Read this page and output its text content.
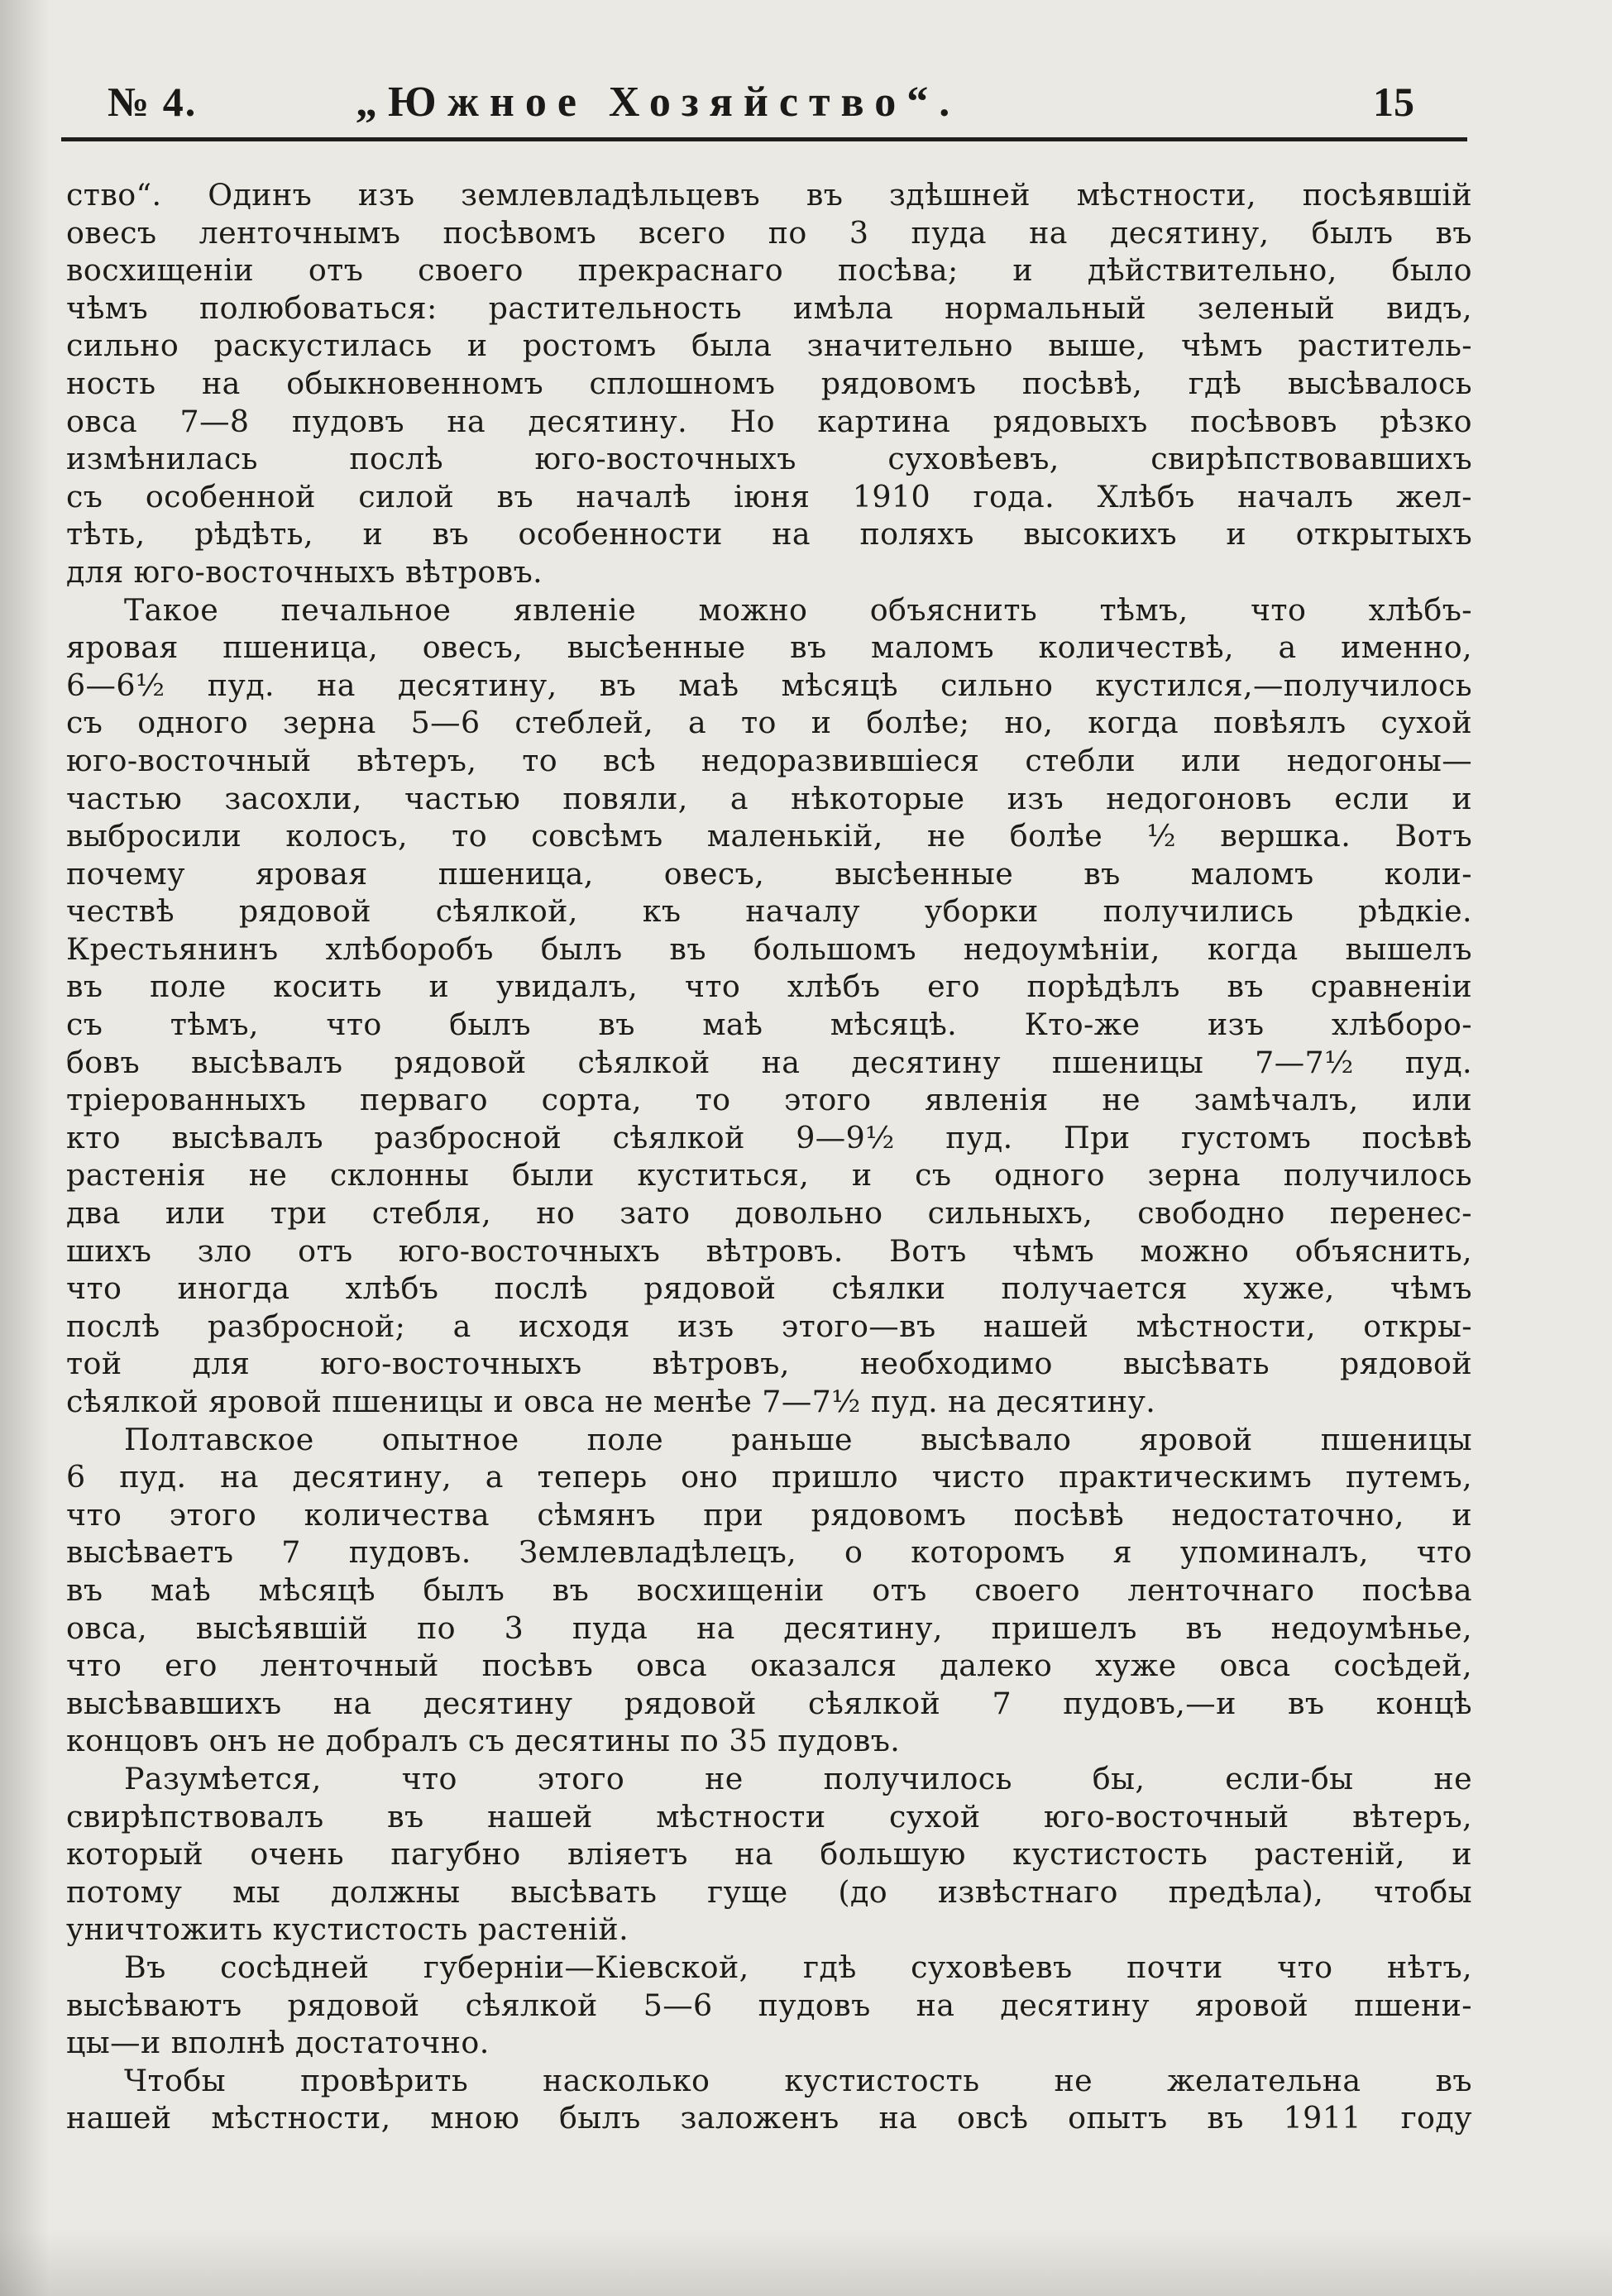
№ 4.	„Южное Хозяйство“.	15
ство“. Одинъ изъ землевладѣльцевъ въ здѣшней мѣстности, посѣявшій
овесъ ленточнымъ посѣвомъ всего по 3 пуда на десятину, былъ въ
восхищеніи отъ своего прекраснаго посѣва; и дѣйствительно, было
чѣмъ полюбоваться: растительность имѣла нормальный зеленый видъ,
сильно раскустилась и ростомъ была значительно выше, чѣмъ раститель-
ность на обыкновенномъ сплошномъ рядовомъ посѣвѣ, гдѣ высѣвалось
овса 7—8 пудовъ на десятину. Но картина рядовыхъ посѣвовъ рѣзко
измѣнилась послѣ юго-восточныхъ суховѣевъ, свирѣпствовавшихъ
съ особенной силой въ началѣ іюня 1910 года. Хлѣбъ началъ жел-
тѣть, рѣдѣть, и въ особенности на поляхъ высокихъ и открытыхъ
для юго-восточныхъ вѣтровъ.
Такое печальное явленіе можно объяснить тѣмъ, что хлѣбъ-
яровая пшеница, овесъ, высѣенные въ маломъ количествѣ, а именно,
6—6½ пуд. на десятину, въ маѣ мѣсяцѣ сильно кустился,—получилось
съ одного зерна 5—6 стеблей, а то и болѣе; но, когда повѣялъ сухой
юго-восточный вѣтеръ, то всѣ недоразвившіеся стебли или недогоны—
частью засохли, частью повяли, а нѣкоторые изъ недогоновъ если и
выбросили колосъ, то совсѣмъ маленькій, не болѣе ½ вершка. Вотъ
почему яровая пшеница, овесъ, высѣенные въ маломъ коли-
чествѣ рядовой сѣялкой, къ началу уборки получились рѣдкіе.
Крестьянинъ хлѣборобъ былъ въ большомъ недоумѣніи, когда вышелъ
въ поле косить и увидалъ, что хлѣбъ его порѣдѣлъ въ сравненіи
съ тѣмъ, что былъ въ маѣ мѣсяцѣ. Кто-же изъ хлѣборо-
бовъ высѣвалъ рядовой сѣялкой на десятину пшеницы 7—7½ пуд.
тріерованныхъ перваго сорта, то этого явленія не замѣчалъ, или
кто высѣвалъ разбросной сѣялкой 9—9½ пуд. При густомъ посѣвѣ
растенія не склонны были куститься, и съ одного зерна получилось
два или три стебля, но зато довольно сильныхъ, свободно перенес-
шихъ зло отъ юго-восточныхъ вѣтровъ. Вотъ чѣмъ можно объяснить,
что иногда хлѣбъ послѣ рядовой сѣялки получается хуже, чѣмъ
послѣ разбросной; а исходя изъ этого—въ нашей мѣстности, откры-
той для юго-восточныхъ вѣтровъ, необходимо высѣвать рядовой
сѣялкой яровой пшеницы и овса не менѣе 7—7½ пуд. на десятину.
Полтавское опытное поле раньше высѣвало яровой пшеницы
6 пуд. на десятину, а теперь оно пришло чисто практическимъ путемъ,
что этого количества сѣмянъ при рядовомъ посѣвѣ недостаточно, и
высѣваетъ 7 пудовъ. Землевладѣлецъ, о которомъ я упоминалъ, что
въ маѣ мѣсяцѣ былъ въ восхищеніи отъ своего ленточнаго посѣва
овса, высѣявшій по 3 пуда на десятину, пришелъ въ недоумѣнье,
что его ленточный посѣвъ овса оказался далеко хуже овса сосѣдей,
высѣвавшихъ на десятину рядовой сѣялкой 7 пудовъ,—и въ концѣ
концовъ онъ не добралъ съ десятины по 35 пудовъ.
Разумѣется, что этого не получилось бы, если-бы не
свирѣпствовалъ въ нашей мѣстности сухой юго-восточный вѣтеръ,
который очень пагубно вліяетъ на большую кустистость растеній, и
потому мы должны высѣвать гуще (до извѣстнаго предѣла), чтобы
уничтожить кустистость растеній.
Въ сосѣдней губерніи—Кіевской, гдѣ суховѣевъ почти что нѣтъ,
высѣваютъ рядовой сѣялкой 5—6 пудовъ на десятину яровой пшени-
цы—и вполнѣ достаточно.
Чтобы провѣрить насколько кустистость не желательна въ
нашей мѣстности, мною былъ заложенъ на овсѣ опытъ въ 1911 году
